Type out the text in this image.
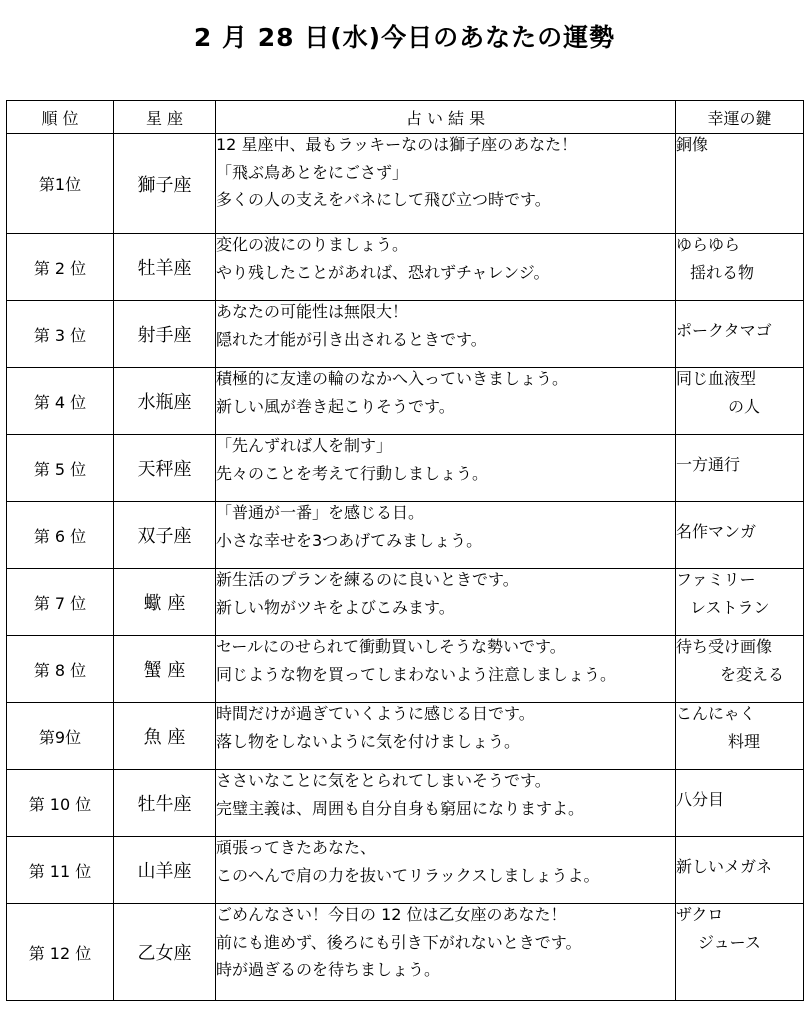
2 月 28 日(水)今日のあなたの運勢
順 位	星 座	占 い 結 果	幸運の鍵
第1位	獅子座	12 星座中、最もラッキーなのは獅子座のあなた！
「飛ぶ鳥あとをにごさず」
多くの人の支えをバネにして飛び立つ時です。	銅像

第 2 位	牡羊座	変化の波にのりましょう。
やり残したことがあれば、恐れずチャレンジ。	ゆらゆら
揺れる物

第 3 位	射手座	あなたの可能性は無限大！
隠れた才能が引き出されるときです。	ポークタマゴ

第 4 位	水瓶座	積極的に友達の輪のなかへ入っていきましょう。
新しい風が巻き起こりそうです。	同じ血液型
の人

第 5 位	天秤座	「先んずれば人を制す」
先々のことを考えて行動しましょう。	一方通行

第 6 位	双子座	「普通が一番」を感じる日。
小さな幸せを3つあげてみましょう。	名作マンガ

第 7 位	蠍 座	新生活のプランを練るのに良いときです。
新しい物がツキをよびこみます。	ファミリー
レストラン

第 8 位	蟹 座	セールにのせられて衝動買いしそうな勢いです。
同じような物を買ってしまわないよう注意しましょう。	待ち受け画像
を変える

第9位	魚 座	時間だけが過ぎていくように感じる日です。
落し物をしないように気を付けましょう。	こんにゃく
料理

第 10 位	牡牛座	ささいなことに気をとられてしまいそうです。
完璧主義は、周囲も自分自身も窮屈になりますよ。	八分目

第 11 位	山羊座	頑張ってきたあなた、
このへんで肩の力を抜いてリラックスしましょうよ。	新しいメガネ

第 12 位	乙女座	ごめんなさい！今日の 12 位は乙女座のあなた！
前にも進めず、後ろにも引き下がれないときです。
時が過ぎるのを待ちましょう。	ザクロ
ジュース
